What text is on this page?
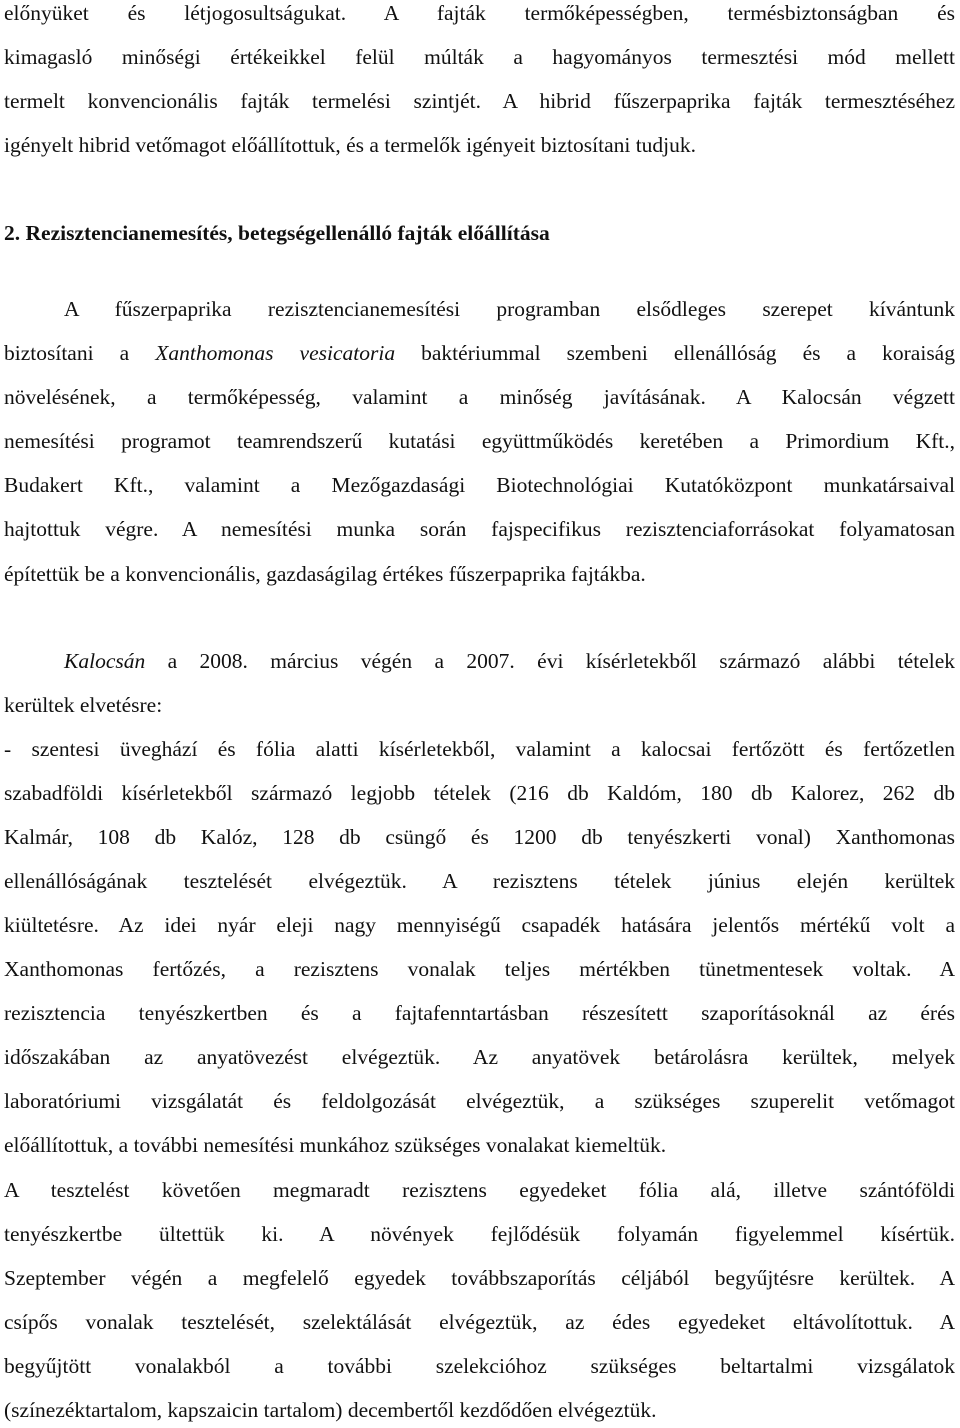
előnyüket és létjogosultságukat. A fajták termőképességben, termésbiztonságban és
kimagasló minőségi értékeikkel felül múlták a hagyományos termesztési mód mellett
termelt konvencionális fajták termelési szintjét. A hibrid fűszerpaprika fajták termesztéséhez
igényelt hibrid vetőmagot előállítottuk, és a termelők igényeit biztosítani tudjuk.
2. Rezisztencianemesítés, betegségellenálló fajták előállítása
A fűszerpaprika rezisztencianemesítési programban elsődleges szerepet kívántunk
biztosítani a Xanthomonas vesicatoria baktériummal szembeni ellenállóság és a koraiság
növelésének, a termőképesség, valamint a minőség javításának. A Kalocsán végzett
nemesítési programot teamrendszerű kutatási együttműködés keretében a Primordium Kft.,
Budakert Kft., valamint a Mezőgazdasági Biotechnológiai Kutatóközpont munkatársaival
hajtottuk végre. A nemesítési munka során fajspecifikus rezisztenciaforrásokat folyamatosan
építettük be a konvencionális, gazdaságilag értékes fűszerpaprika fajtákba.
Kalocsán a 2008. március végén a 2007. évi kísérletekből származó alábbi tételek
kerültek elvetésre:
- szentesi üveghází és fólia alatti kísérletekből, valamint a kalocsai fertőzött és fertőzetlen
szabadföldi kísérletekből származó legjobb tételek (216 db Kaldóm, 180 db Kalorez, 262 db
Kalmár, 108 db Kalóz, 128 db csüngő és 1200 db tenyészkerti vonal) Xanthomonas
ellenállóságának tesztelését elvégeztük. A rezisztens tételek június elején kerültek
kiültetésre. Az idei nyár eleji nagy mennyiségű csapadék hatására jelentős mértékű volt a
Xanthomonas fertőzés, a rezisztens vonalak teljes mértékben tünetmentesek voltak. A
rezisztencia tenyészkertben és a fajtafenntartásban részesített szaporításoknál az érés
időszakában az anyatövezést elvégeztük. Az anyatövek betárolásra kerültek, melyek
laboratóriumi vizsgálatát és feldolgozását elvégeztük, a szükséges szuperelit vetőmagot
előállítottuk, a további nemesítési munkához szükséges vonalakat kiemeltük.
A tesztelést követően megmaradt rezisztens egyedeket fólia alá, illetve szántóföldi
tenyészkertbe ültettük ki. A növények fejlődésük folyamán figyelemmel kísértük.
Szeptember végén a megfelelő egyedek továbbszaporítás céljából begyűjtésre kerültek. A
csípős vonalak tesztelését, szelektálását elvégeztük, az édes egyedeket eltávolítottuk. A
begyűjtött vonalakból a további szelekcióhoz szükséges beltartalmi vizsgálatok
(színezéktartalom, kapszaicin tartalom) decembertől kezdődően elvégeztük.
